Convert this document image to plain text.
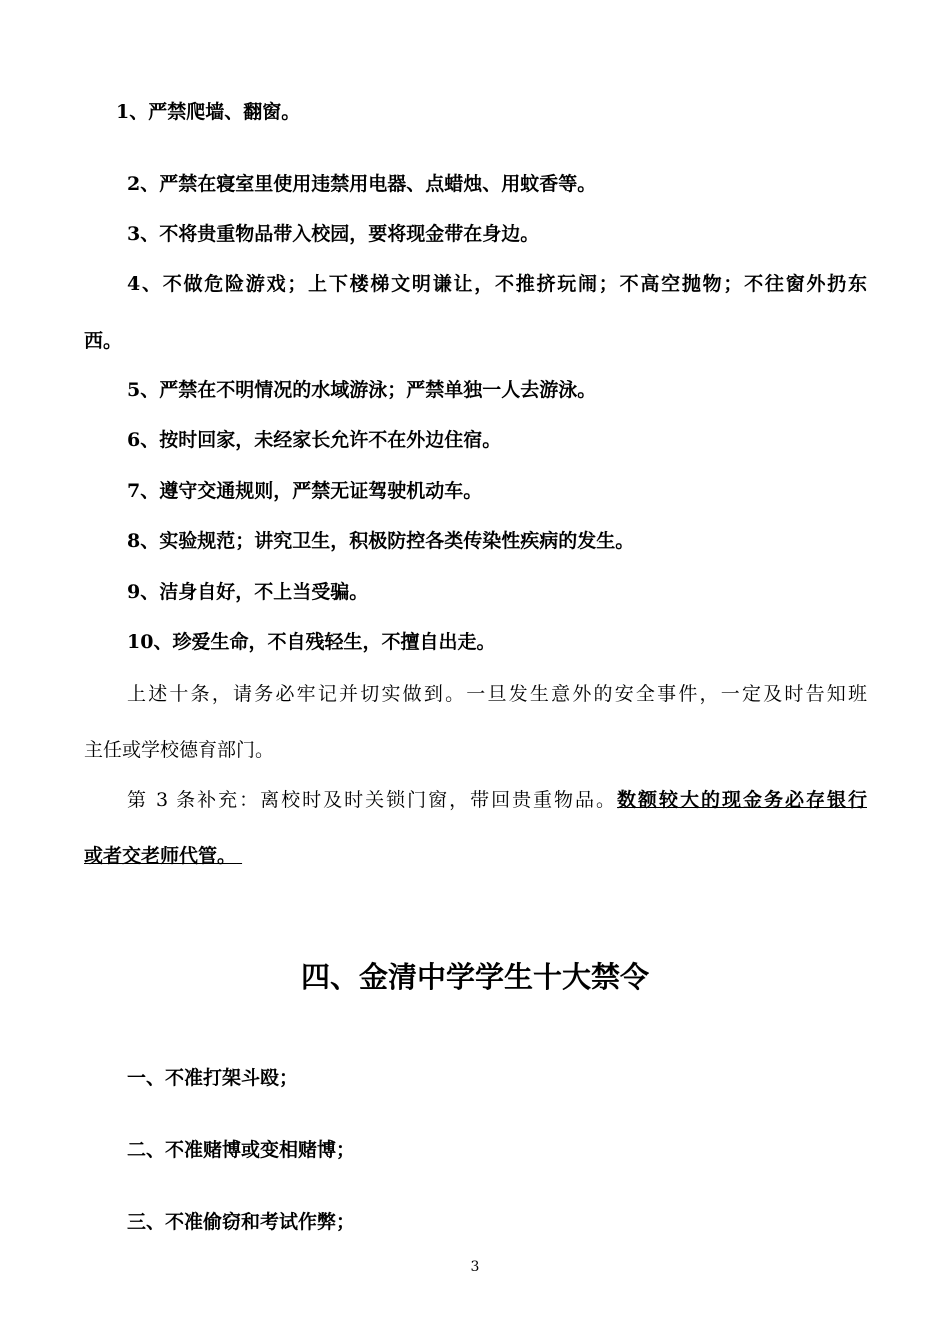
1、严禁爬墙、翻窗。
2、严禁在寝室里使用违禁用电器、点蜡烛、用蚊香等。
3、不将贵重物品带入校园，要将现金带在身边。
4、不做危险游戏；上下楼梯文明谦让，不推挤玩闹；不高空抛物；不往窗外扔东
西。
5、严禁在不明情况的水域游泳；严禁单独一人去游泳。
6、按时回家，未经家长允许不在外边住宿。
7、遵守交通规则，严禁无证驾驶机动车。
8、实验规范；讲究卫生，积极防控各类传染性疾病的发生。
9、洁身自好，不上当受骗。
10、珍爱生命，不自残轻生，不擅自出走。
上述十条，请务必牢记并切实做到。一旦发生意外的安全事件，一定及时告知班
主任或学校德育部门。
第 3 条补充：离校时及时关锁门窗，带回贵重物品。数额较大的现金务必存银行
或者交老师代管。
四、金清中学学生十大禁令
一、不准打架斗殴；
二、不准赌博或变相赌博；
三、不准偷窃和考试作弊；
3
